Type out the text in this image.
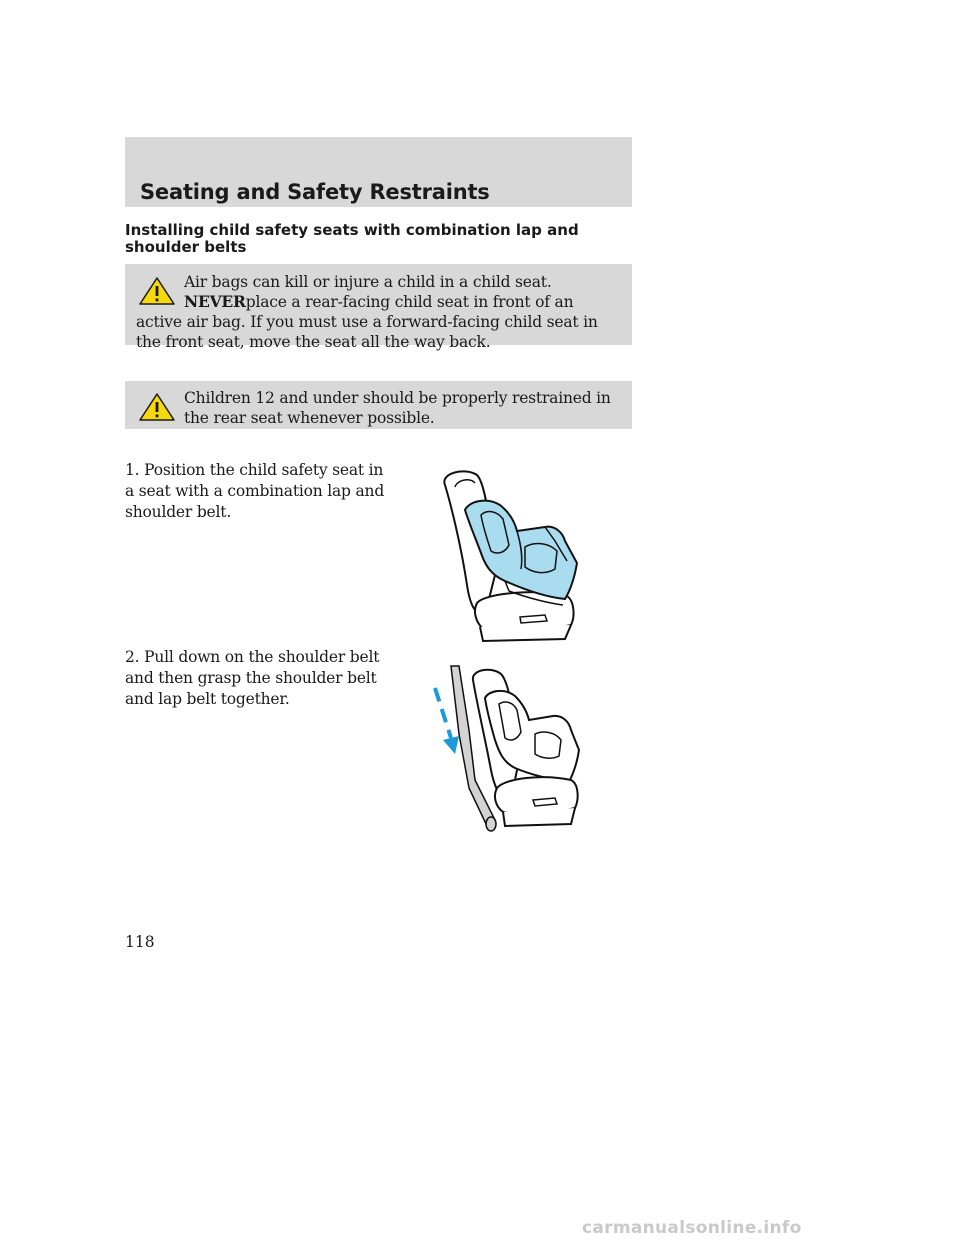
Seating and Safety Restraints
Installing child safety seats with combination lap and shoulder belts
Air bags can kill or injure a child in a child seat. NEVERplace a rear-facing child seat in front of an active air bag. If you must use a forward-facing child seat in the front seat, move the seat all the way back.
Children 12 and under should be properly restrained in the rear seat whenever possible.
1. Position the child safety seat in a seat with a combination lap and shoulder belt.
2. Pull down on the shoulder belt and then grasp the shoulder belt and lap belt together.
118
carmanualsonline.info
